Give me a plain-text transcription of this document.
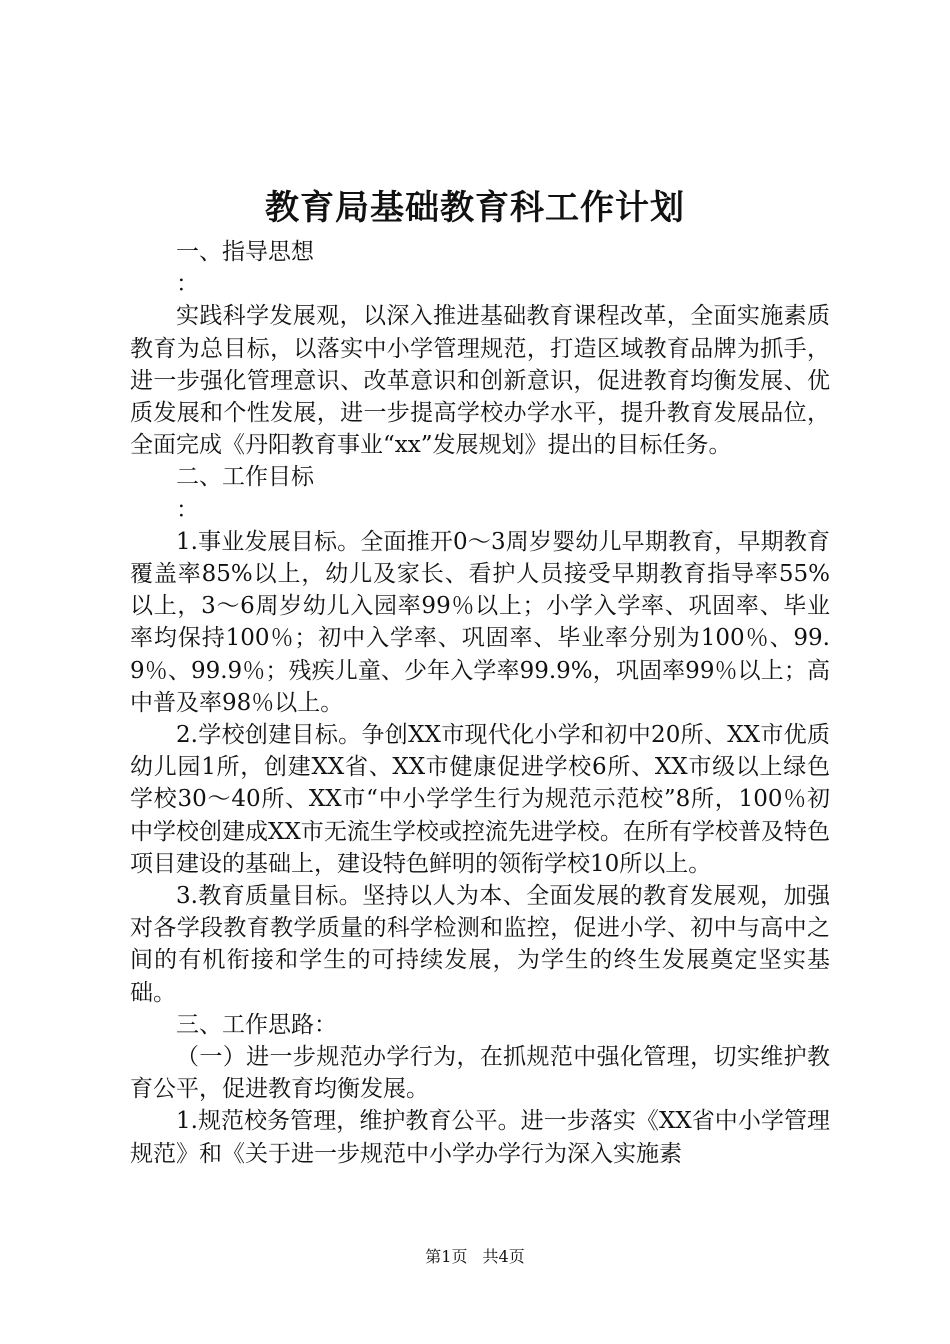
教育局基础教育科工作计划

一、指导思想

：

实践科学发展观，以深入推进基础教育课程改革，全面实施素质教育为总目标，以落实中小学管理规范，打造区域教育品牌为抓手，进一步强化管理意识、改革意识和创新意识，促进教育均衡发展、优质发展和个性发展，进一步提高学校办学水平，提升教育发展品位，全面完成《丹阳教育事业“xx”发展规划》提出的目标任务。

二、工作目标

：

1.事业发展目标。全面推开0～3周岁婴幼儿早期教育，早期教育覆盖率85%以上，幼儿及家长、看护人员接受早期教育指导率55%以上，3～6周岁幼儿入园率99％以上；小学入学率、巩固率、毕业率均保持100％；初中入学率、巩固率、毕业率分别为100％、99.9％、99.9％；残疾儿童、少年入学率99.9%，巩固率99％以上；高中普及率98％以上。

2.学校创建目标。争创XX市现代化小学和初中20所、XX市优质幼儿园1所，创建XX省、XX市健康促进学校6所、XX市级以上绿色学校30～40所、XX市“中小学学生行为规范示范校”8所，100％初中学校创建成XX市无流生学校或控流先进学校。在所有学校普及特色项目建设的基础上，建设特色鲜明的领衔学校10所以上。

3.教育质量目标。坚持以人为本、全面发展的教育发展观，加强对各学段教育教学质量的科学检测和监控，促进小学、初中与高中之间的有机衔接和学生的可持续发展，为学生的终生发展奠定坚实基础。

三、工作思路：

（一）进一步规范办学行为，在抓规范中强化管理，切实维护教育公平，促进教育均衡发展。

1.规范校务管理，维护教育公平。进一步落实《XX省中小学管理规范》和《关于进一步规范中小学办学行为深入实施素

第1页 共4页
